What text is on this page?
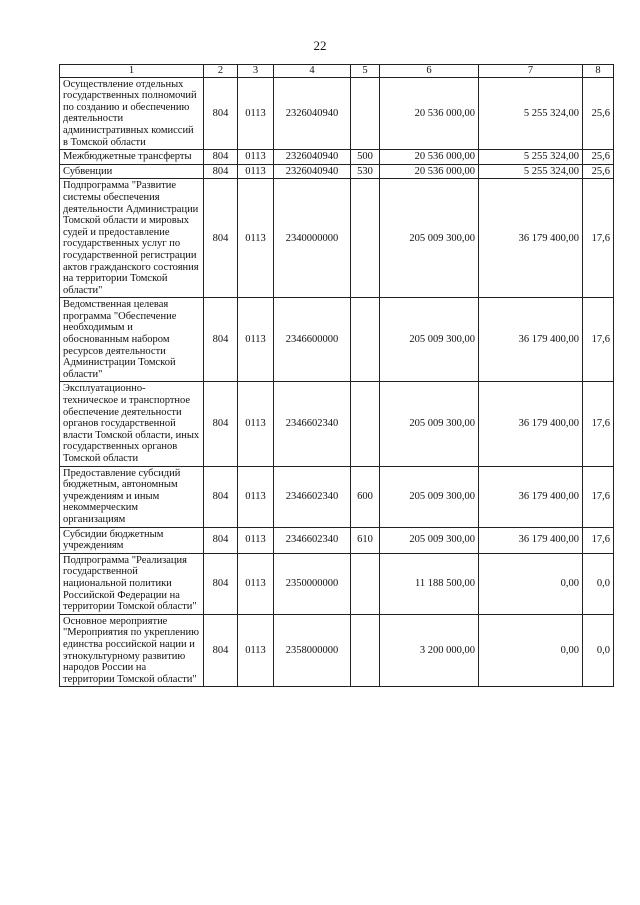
22
1	2	3	4	5	6	7	8
Осуществление отдельных государственных полномочий по созданию и обеспечению деятельности административных комиссий в Томской области	804	0113	2326040940		20 536 000,00	5 255 324,00	25,6
Межбюджетные трансферты	804	0113	2326040940	500	20 536 000,00	5 255 324,00	25,6
Субвенции	804	0113	2326040940	530	20 536 000,00	5 255 324,00	25,6
Подпрограмма "Развитие системы обеспечения деятельности Администрации Томской области и мировых судей и предоставление государственных услуг по государственной регистрации актов гражданского состояния на территории Томской области"	804	0113	2340000000		205 009 300,00	36 179 400,00	17,6
Ведомственная целевая программа "Обеспечение необходимым и обоснованным набором ресурсов деятельности Администрации Томской области"	804	0113	2346600000		205 009 300,00	36 179 400,00	17,6
Эксплуатационно-техническое и транспортное обеспечение деятельности органов государственной власти Томской области, иных государственных органов Томской области	804	0113	2346602340		205 009 300,00	36 179 400,00	17,6
Предоставление субсидий бюджетным, автономным учреждениям и иным некоммерческим организациям	804	0113	2346602340	600	205 009 300,00	36 179 400,00	17,6
Субсидии бюджетным учреждениям	804	0113	2346602340	610	205 009 300,00	36 179 400,00	17,6
Подпрограмма "Реализация государственной национальной политики Российской Федерации на территории Томской области"	804	0113	2350000000		11 188 500,00	0,00	0,0
Основное мероприятие "Мероприятия по укреплению единства российской нации и этнокультурному развитию народов России на территории Томской области"	804	0113	2358000000		3 200 000,00	0,00	0,0
